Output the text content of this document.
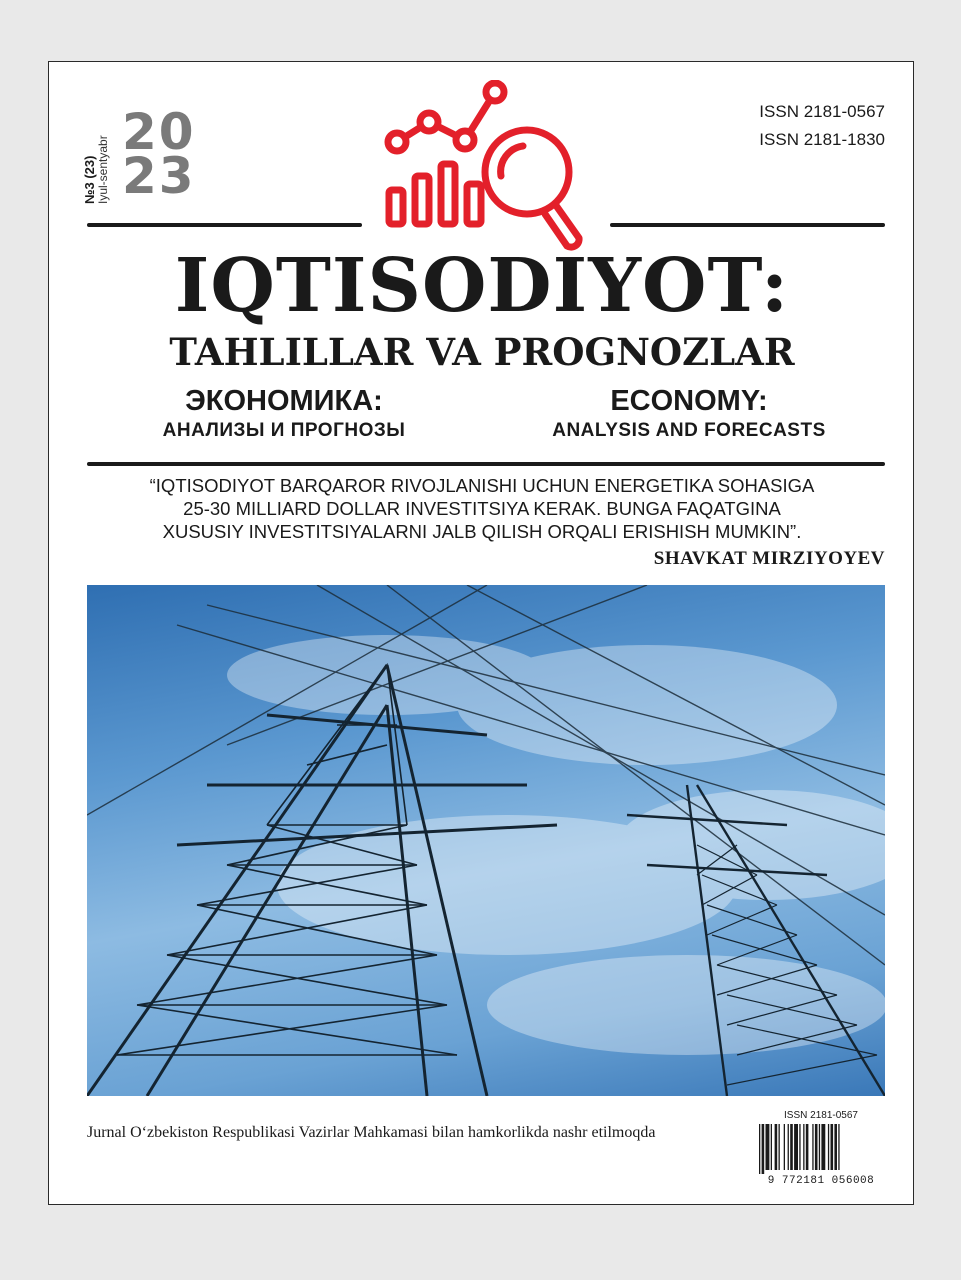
№3 (23) Iyul-sentyabr
20
23
ISSN 2181-0567
ISSN 2181-1830
IQTISODIYOT:
TAHLILLAR VA PROGNOZLAR
ЭКОНОМИКА:
АНАЛИЗЫ И ПРОГНОЗЫ
ECONOMY:
ANALYSIS AND FORECASTS
“IQTISODIYOT BARQAROR RIVOJLANISHI UCHUN ENERGETIKA SOHASIGA
25-30 MILLIARD DOLLAR INVESTITSIYA KERAK. BUNGA FAQATGINA
XUSUSIY INVESTITSIYALARNI JALB QILISH ORQALI ERISHISH MUMKIN”.
SHAVKAT MIRZIYOYEV
Jurnal O‘zbekiston Respublikasi Vazirlar Mahkamasi bilan hamkorlikda nashr etilmoqda
ISSN 2181-0567
9 772181 056008
